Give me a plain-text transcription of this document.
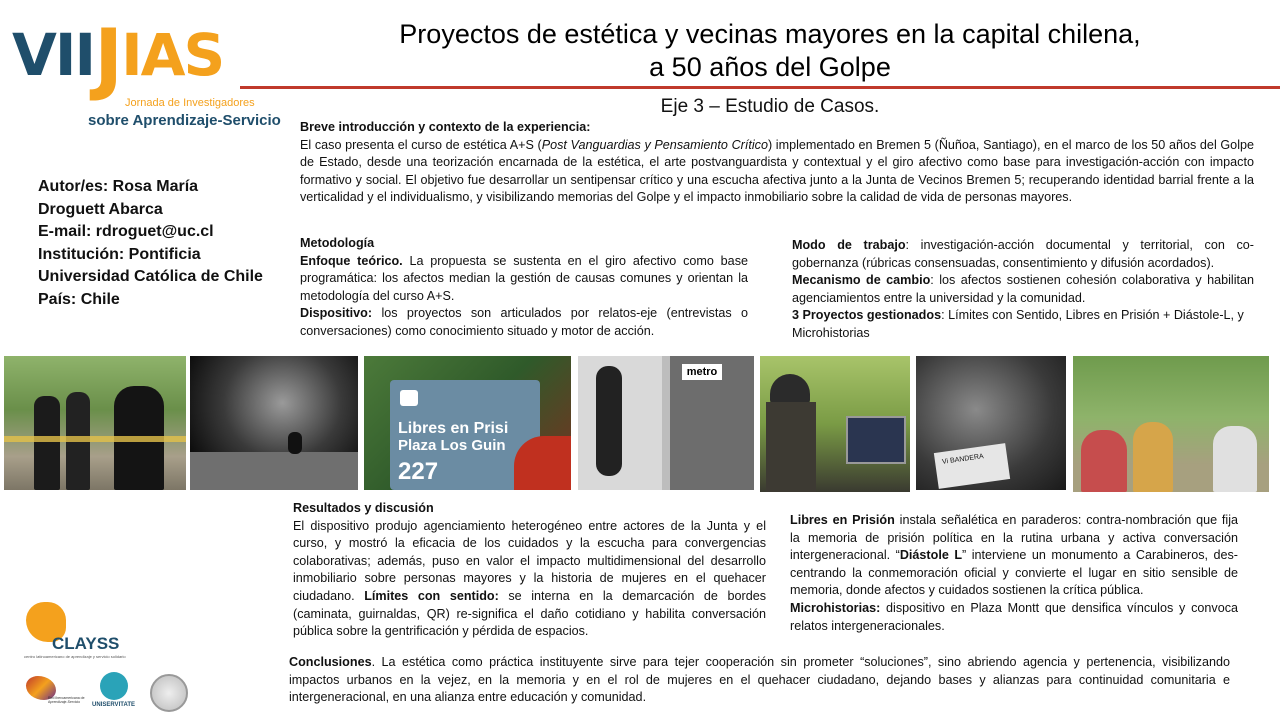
VIIJIAS
Jornada de Investigadores
sobre Aprendizaje-Servicio
Proyectos de estética y vecinas mayores en la capital chilena,
a 50 años del Golpe
Eje 3 – Estudio de Casos.
Breve introducción y contexto de la experiencia:
El caso presenta el curso de estética A+S (Post Vanguardias y Pensamiento Crítico) implementado en Bremen 5 (Ñuñoa, Santiago), en el marco de los 50 años del Golpe de Estado, desde una teorización encarnada de la estética, el arte postvanguardista y contextual y el giro afectivo como base para investigación-acción con impacto formativo y social. El objetivo fue desarrollar un sentipensar crítico y una escucha afectiva junto a la Junta de Vecinos Bremen 5; recuperando identidad barrial frente a la verticalidad y el individualismo, y visibilizando memorias del Golpe y el impacto inmobiliario sobre la calidad de vida de personas mayores.
Autor/es: Rosa María
Droguett Abarca
E-mail: rdroguet@uc.cl
Institución: Pontificia
Universidad Católica de Chile
País: Chile
Metodología
Enfoque teórico. La propuesta se sustenta en el giro afectivo como base programática: los afectos median la gestión de causas comunes y orientan la metodología del curso A+S.
Dispositivo: los proyectos son articulados por relatos-eje (entrevistas o conversaciones) como conocimiento situado y motor de acción.
Modo de trabajo: investigación-acción documental y territorial, con co-gobernanza (rúbricas consensuadas, consentimiento y difusión acordados).
Mecanismo de cambio: los afectos sostienen cohesión colaborativa y habilitan agenciamientos entre la universidad y la comunidad.

3 Proyectos gestionados: Límites con Sentido, Libres en Prisión + Diástole-L, y Microhistorias
Libres en Prisi
Plaza Los Guin
227
metro
Vi BANDERA
Resultados y discusión
El dispositivo produjo agenciamiento heterogéneo entre actores de la Junta y el curso, y mostró la eficacia de los cuidados y la escucha para convergencias colaborativas; además, puso en valor el impacto multidimensional del desarrollo inmobiliario sobre personas mayores y la historia de mujeres en el quehacer ciudadano. Límites con sentido: se interna en la demarcación de bordes (caminata, guirnaldas, QR) re-significa el daño cotidiano y habilita conversación pública sobre la gentrificación y pérdida de espacios.
Libres en Prisión instala señalética en paraderos: contra-nombración que fija la memoria de prisión política en la rutina urbana y activa conversación intergeneracional. “Diástole L” interviene un monumento a Carabineros, des-centrando la conmemoración oficial y convierte el lugar en sitio sensible de memoria, donde afectos y cuidados sostienen la crítica pública.
Microhistorias: dispositivo en Plaza Montt que densifica vínculos y convoca relatos intergeneracionales.
Conclusiones. La estética como práctica instituyente sirve para tejer cooperación sin prometer “soluciones”, sino abriendo agencia y pertenencia, visibilizando impactos urbanos en la vejez, en la memoria y en el rol de mujeres en el quehacer ciudadano, dejando bases y alianzas para continuidad comunitaria e intergeneracional, en una alianza entre educación y comunidad.
CLAYSS
centro latinoamericano de aprendizaje y servicio solidario
Red Iberoamericana de Aprendizaje-Servicio	UNISERVITATE
